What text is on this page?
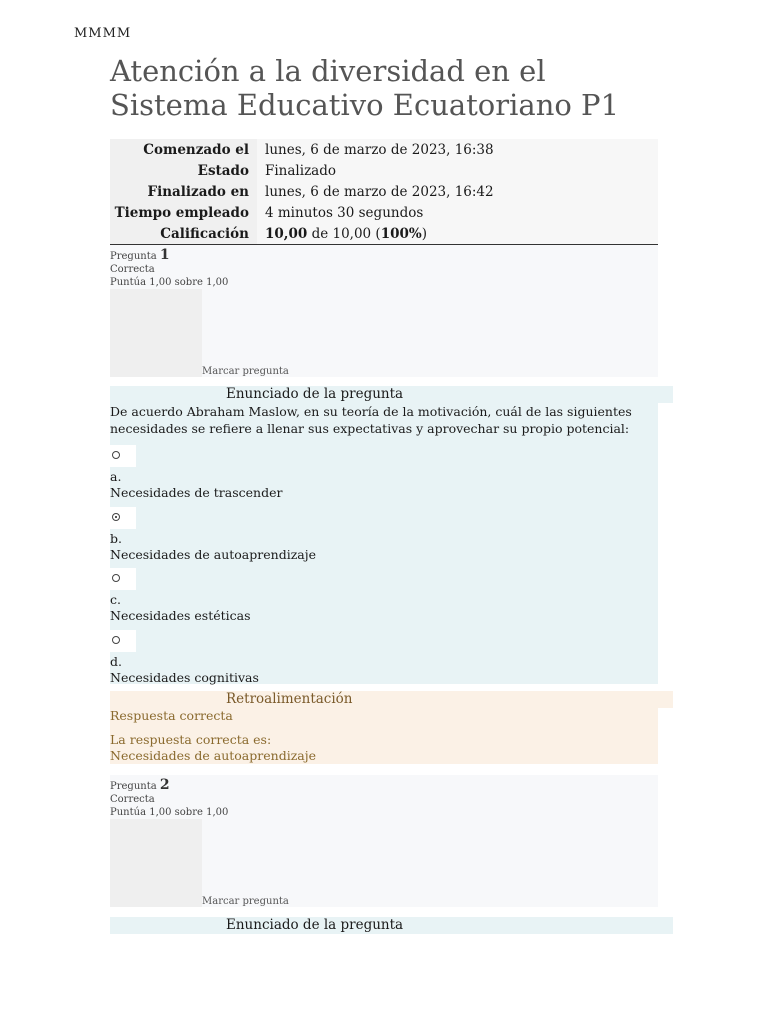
MMMM
Atención a la diversidad en el Sistema Educativo Ecuatoriano P1
Comenzado el	lunes, 6 de marzo de 2023, 16:38
Estado	Finalizado
Finalizado en	lunes, 6 de marzo de 2023, 16:42
Tiempo empleado	4 minutos 30 segundos
Calificación	10,00 de 10,00 ( 100% )
Pregunta 1
Correcta
Puntúa 1,00 sobre 1,00
Marcar pregunta
Enunciado de la pregunta
De acuerdo Abraham Maslow, en su teoría de la motivación, cuál de las siguientes necesidades se refiere a llenar sus expectativas y aprovechar su propio potencial:
a.
Necesidades de trascender
b.
Necesidades de autoaprendizaje
c.
Necesidades estéticas
d.
Necesidades cognitivas
Retroalimentación
Respuesta correcta
La respuesta correcta es:
Necesidades de autoaprendizaje
Pregunta 2
Correcta
Puntúa 1,00 sobre 1,00
Marcar pregunta
Enunciado de la pregunta
